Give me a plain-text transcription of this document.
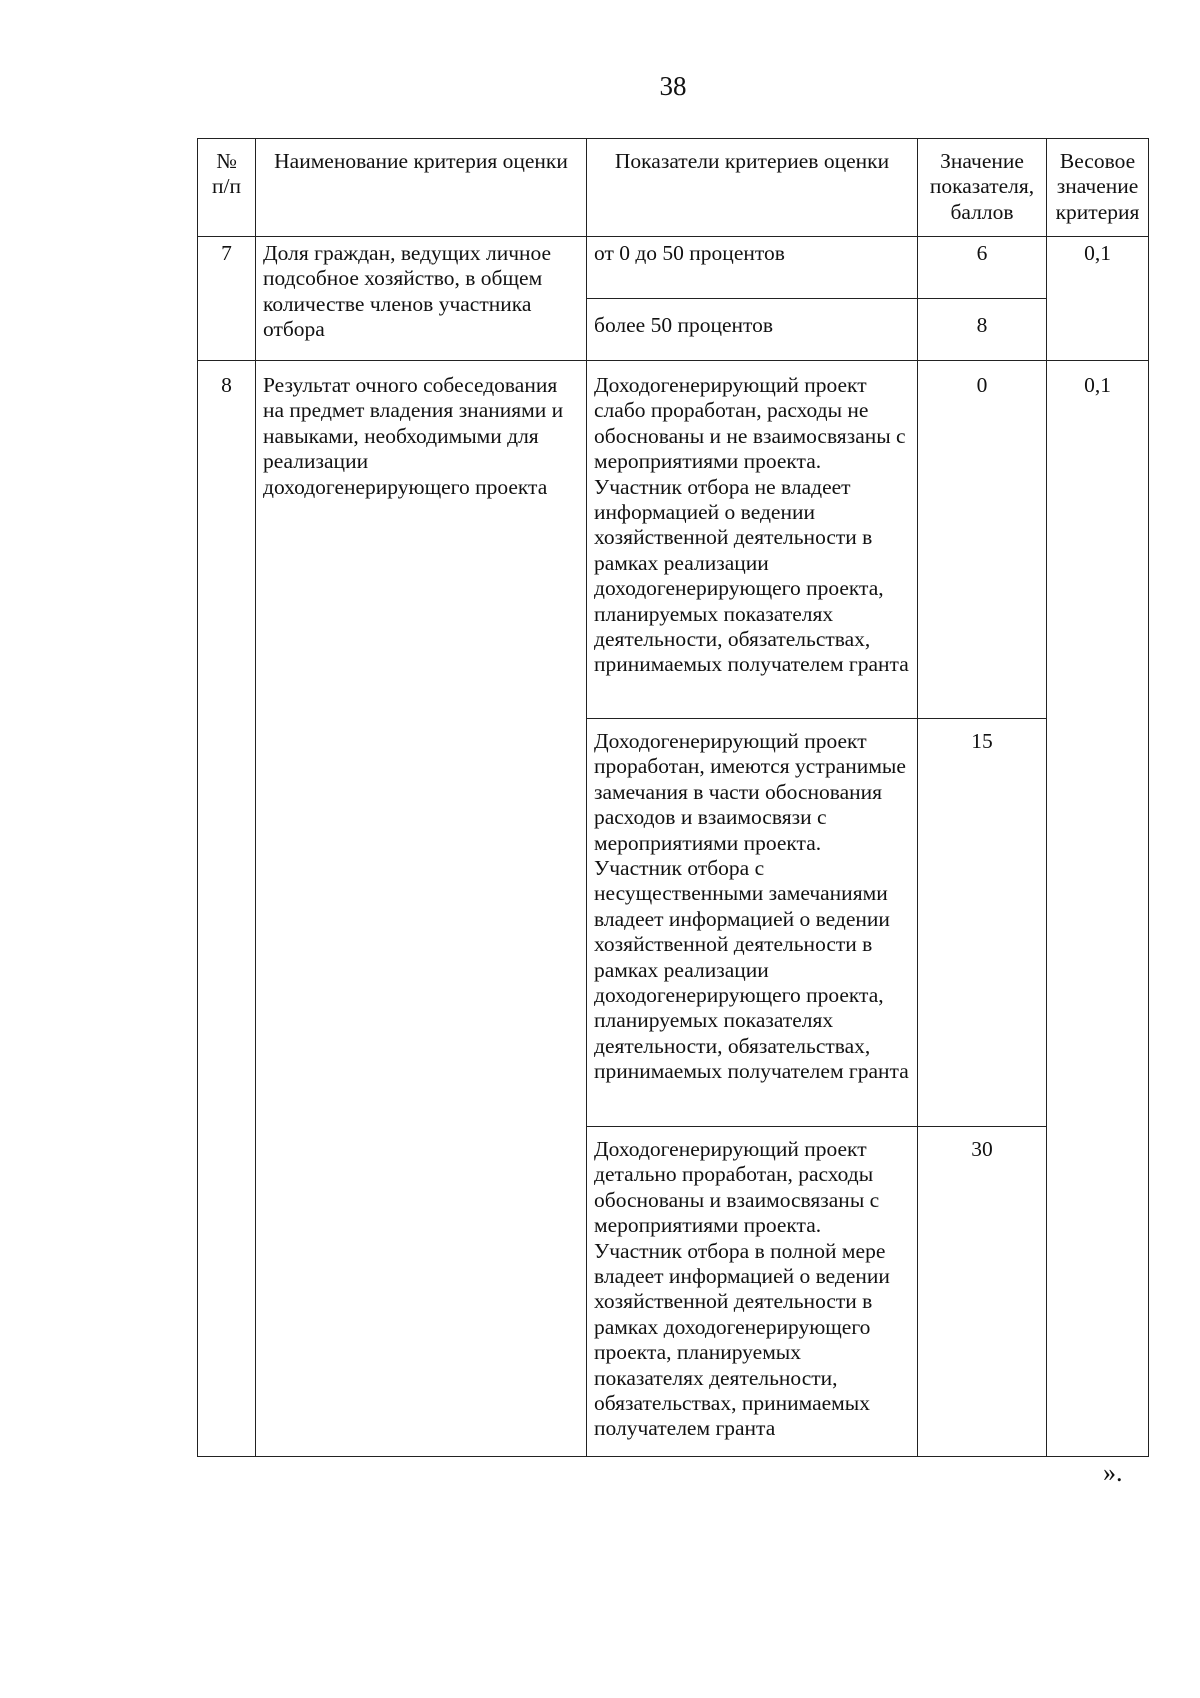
38
№ п/п	Наименование критерия оценки	Показатели критериев оценки	Значение показателя, баллов	Весовое значение критерия
7	Доля граждан, ведущих личное подсобное хозяйство, в общем количестве членов участника отбора	от 0 до 50 процентов	6	0,1
		более 50 процентов	8	
8	Результат очного собеседования на предмет владения знаниями и навыками, необходимыми для реализации доходогенерирующего проекта	Доходогенерирующий проект слабо проработан, расходы не обоснованы и не взаимосвязаны с мероприятиями проекта. Участник отбора не владеет информацией о ведении хозяйственной деятельности в рамках реализации доходогенерирующего проекта, планируемых показателях деятельности, обязательствах, принимаемых получателем гранта	0	0,1
		Доходогенерирующий проект проработан, имеются устранимые замечания в части обоснования расходов и взаимосвязи с мероприятиями проекта. Участник отбора с несущественными замечаниями владеет информацией о ведении хозяйственной деятельности в рамках реализации доходогенерирующего проекта, планируемых показателях деятельности, обязательствах, принимаемых получателем гранта	15	
		Доходогенерирующий проект детально проработан, расходы обоснованы и взаимосвязаны с мероприятиями проекта. Участник отбора в полной мере владеет информацией о ведении хозяйственной деятельности в рамках доходогенерирующего проекта, планируемых показателях деятельности, обязательствах, принимаемых получателем гранта	30	
».
